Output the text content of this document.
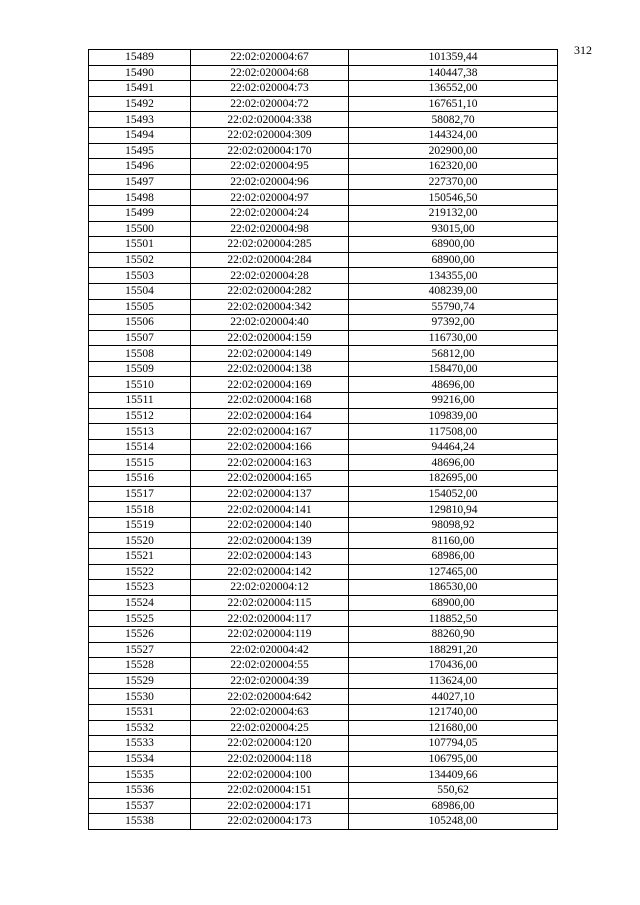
312
15489	22:02:020004:67	101359,44
15490	22:02:020004:68	140447,38
15491	22:02:020004:73	136552,00
15492	22:02:020004:72	167651,10
15493	22:02:020004:338	58082,70
15494	22:02:020004:309	144324,00
15495	22:02:020004:170	202900,00
15496	22:02:020004:95	162320,00
15497	22:02:020004:96	227370,00
15498	22:02:020004:97	150546,50
15499	22:02:020004:24	219132,00
15500	22:02:020004:98	93015,00
15501	22:02:020004:285	68900,00
15502	22:02:020004:284	68900,00
15503	22:02:020004:28	134355,00
15504	22:02:020004:282	408239,00
15505	22:02:020004:342	55790,74
15506	22:02:020004:40	97392,00
15507	22:02:020004:159	116730,00
15508	22:02:020004:149	56812,00
15509	22:02:020004:138	158470,00
15510	22:02:020004:169	48696,00
15511	22:02:020004:168	99216,00
15512	22:02:020004:164	109839,00
15513	22:02:020004:167	117508,00
15514	22:02:020004:166	94464,24
15515	22:02:020004:163	48696,00
15516	22:02:020004:165	182695,00
15517	22:02:020004:137	154052,00
15518	22:02:020004:141	129810,94
15519	22:02:020004:140	98098,92
15520	22:02:020004:139	81160,00
15521	22:02:020004:143	68986,00
15522	22:02:020004:142	127465,00
15523	22:02:020004:12	186530,00
15524	22:02:020004:115	68900,00
15525	22:02:020004:117	118852,50
15526	22:02:020004:119	88260,90
15527	22:02:020004:42	188291,20
15528	22:02:020004:55	170436,00
15529	22:02:020004:39	113624,00
15530	22:02:020004:642	44027,10
15531	22:02:020004:63	121740,00
15532	22:02:020004:25	121680,00
15533	22:02:020004:120	107794,05
15534	22:02:020004:118	106795,00
15535	22:02:020004:100	134409,66
15536	22:02:020004:151	550,62
15537	22:02:020004:171	68986,00
15538	22:02:020004:173	105248,00
